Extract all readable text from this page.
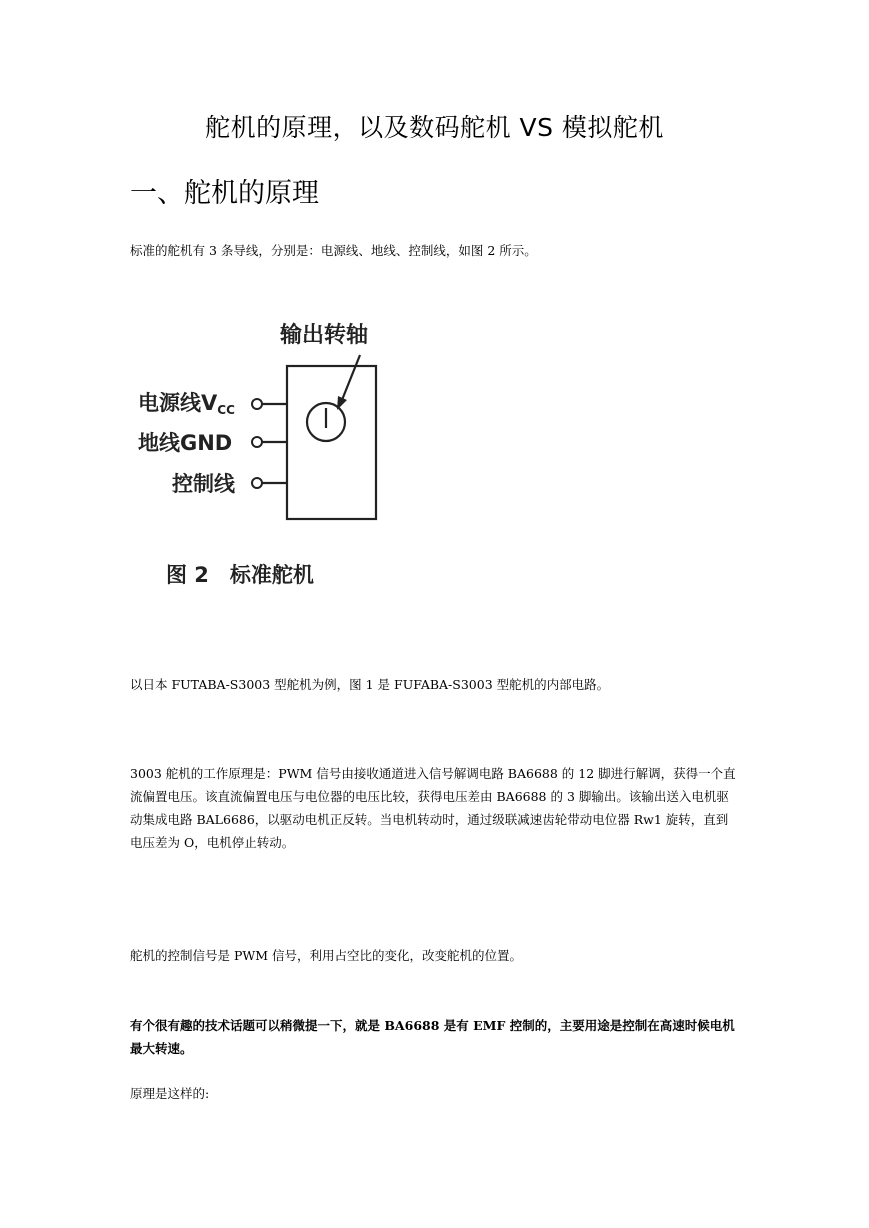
舵机的原理，以及数码舵机 VS 模拟舵机
一、舵机的原理
标准的舵机有 3 条导线，分别是：电源线、地线、控制线，如图 2 所示。
输出转轴
电源线VCC
地线GND
控制线
图 2　标准舵机
以日本 FUTABA-S3003 型舵机为例，图 1 是 FUFABA-S3003 型舵机的内部电路。
3003 舵机的工作原理是：PWM 信号由接收通道进入信号解调电路 BA6688 的 12 脚进行解调，获得一个直流偏置电压。该直流偏置电压与电位器的电压比较，获得电压差由 BA6688 的 3 脚输出。该输出送入电机驱动集成电路 BAL6686，以驱动电机正反转。当电机转动时，通过级联减速齿轮带动电位器 Rw1 旋转，直到电压差为 O，电机停止转动。
舵机的控制信号是 PWM 信号，利用占空比的变化，改变舵机的位置。
有个很有趣的技术话题可以稍微提一下，就是 BA6688 是有 EMF 控制的，主要用途是控制在高速时候电机最大转速。
原理是这样的:
